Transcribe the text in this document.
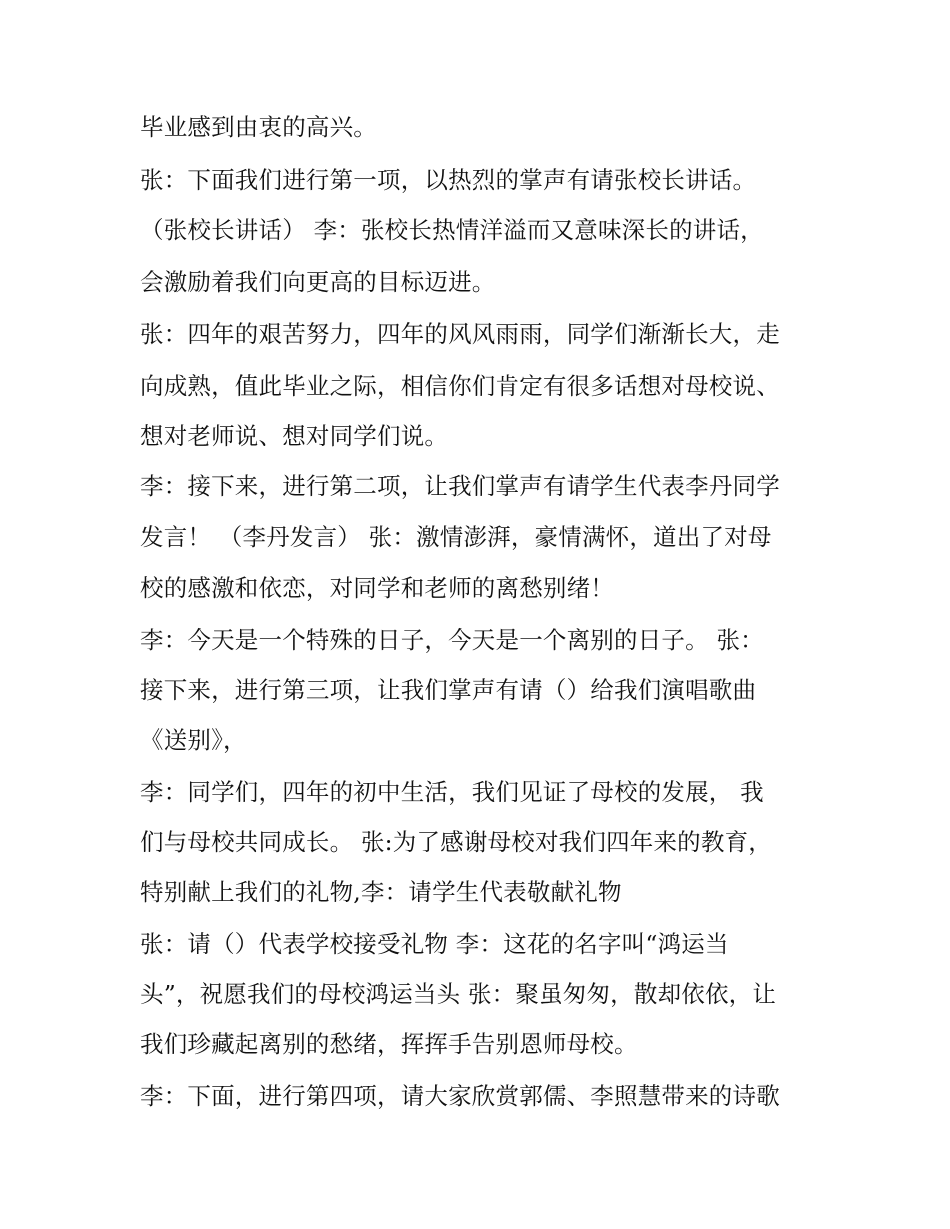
毕业感到由衷的高兴。
张：下面我们进行第一项，以热烈的掌声有请张校长讲话。
（张校长讲话） 李：张校长热情洋溢而又意味深长的讲话，
会激励着我们向更高的目标迈进。
张：四年的艰苦努力，四年的风风雨雨，同学们渐渐长大，走
向成熟，值此毕业之际，相信你们肯定有很多话想对母校说、
想对老师说、想对同学们说。
李：接下来，进行第二项，让我们掌声有请学生代表李丹同学
发言！ （李丹发言） 张：激情澎湃，豪情满怀，道出了对母
校的感激和依恋，对同学和老师的离愁别绪！
李：今天是一个特殊的日子，今天是一个离别的日子。 张：
接下来，进行第三项，让我们掌声有请（）给我们演唱歌曲
《送别》，
李：同学们，四年的初中生活，我们见证了母校的发展， 我
们与母校共同成长。 张:为了感谢母校对我们四年来的教育，
特别献上我们的礼物,李：请学生代表敬献礼物
张：请（）代表学校接受礼物 李：这花的名字叫“鸿运当
头”，祝愿我们的母校鸿运当头 张：聚虽匆匆，散却依依，让
我们珍藏起离别的愁绪，挥挥手告别恩师母校。
李：下面，进行第四项，请大家欣赏郭儒、李照慧带来的诗歌
